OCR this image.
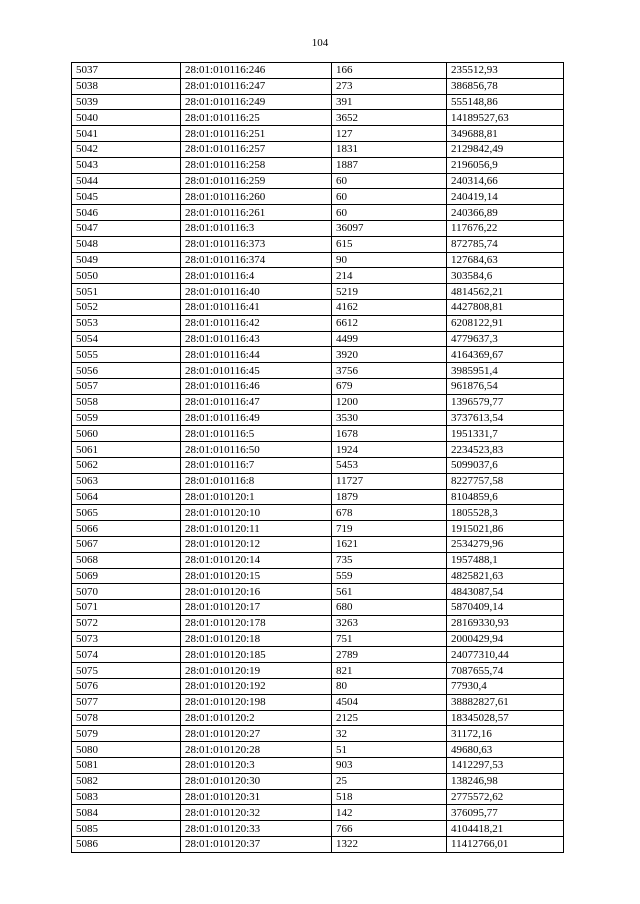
104
5037	28:01:010116:246	166	235512,93
5038	28:01:010116:247	273	386856,78
5039	28:01:010116:249	391	555148,86
5040	28:01:010116:25	3652	14189527,63
5041	28:01:010116:251	127	349688,81
5042	28:01:010116:257	1831	2129842,49
5043	28:01:010116:258	1887	2196056,9
5044	28:01:010116:259	60	240314,66
5045	28:01:010116:260	60	240419,14
5046	28:01:010116:261	60	240366,89
5047	28:01:010116:3	36097	117676,22
5048	28:01:010116:373	615	872785,74
5049	28:01:010116:374	90	127684,63
5050	28:01:010116:4	214	303584,6
5051	28:01:010116:40	5219	4814562,21
5052	28:01:010116:41	4162	4427808,81
5053	28:01:010116:42	6612	6208122,91
5054	28:01:010116:43	4499	4779637,3
5055	28:01:010116:44	3920	4164369,67
5056	28:01:010116:45	3756	3985951,4
5057	28:01:010116:46	679	961876,54
5058	28:01:010116:47	1200	1396579,77
5059	28:01:010116:49	3530	3737613,54
5060	28:01:010116:5	1678	1951331,7
5061	28:01:010116:50	1924	2234523,83
5062	28:01:010116:7	5453	5099037,6
5063	28:01:010116:8	11727	8227757,58
5064	28:01:010120:1	1879	8104859,6
5065	28:01:010120:10	678	1805528,3
5066	28:01:010120:11	719	1915021,86
5067	28:01:010120:12	1621	2534279,96
5068	28:01:010120:14	735	1957488,1
5069	28:01:010120:15	559	4825821,63
5070	28:01:010120:16	561	4843087,54
5071	28:01:010120:17	680	5870409,14
5072	28:01:010120:178	3263	28169330,93
5073	28:01:010120:18	751	2000429,94
5074	28:01:010120:185	2789	24077310,44
5075	28:01:010120:19	821	7087655,74
5076	28:01:010120:192	80	77930,4
5077	28:01:010120:198	4504	38882827,61
5078	28:01:010120:2	2125	18345028,57
5079	28:01:010120:27	32	31172,16
5080	28:01:010120:28	51	49680,63
5081	28:01:010120:3	903	1412297,53
5082	28:01:010120:30	25	138246,98
5083	28:01:010120:31	518	2775572,62
5084	28:01:010120:32	142	376095,77
5085	28:01:010120:33	766	4104418,21
5086	28:01:010120:37	1322	11412766,01
